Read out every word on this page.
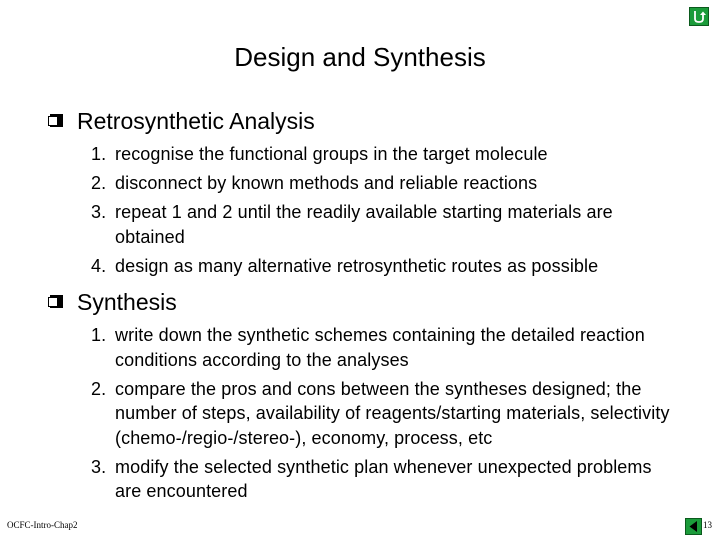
Design and Synthesis
Retrosynthetic Analysis
1. recognise the functional groups in the target molecule
2. disconnect by known methods and reliable reactions
3. repeat 1 and 2 until the readily available starting materials are obtained
4. design as many alternative retrosynthetic routes as possible
Synthesis
1. write down the synthetic schemes containing the detailed reaction conditions according to the analyses
2. compare the pros and cons between the syntheses designed; the number of steps, availability of reagents/starting materials, selectivity (chemo-/regio-/stereo-), economy, process, etc
3. modify the selected synthetic plan whenever unexpected problems are encountered
OCFC-Intro-Chap2	13
